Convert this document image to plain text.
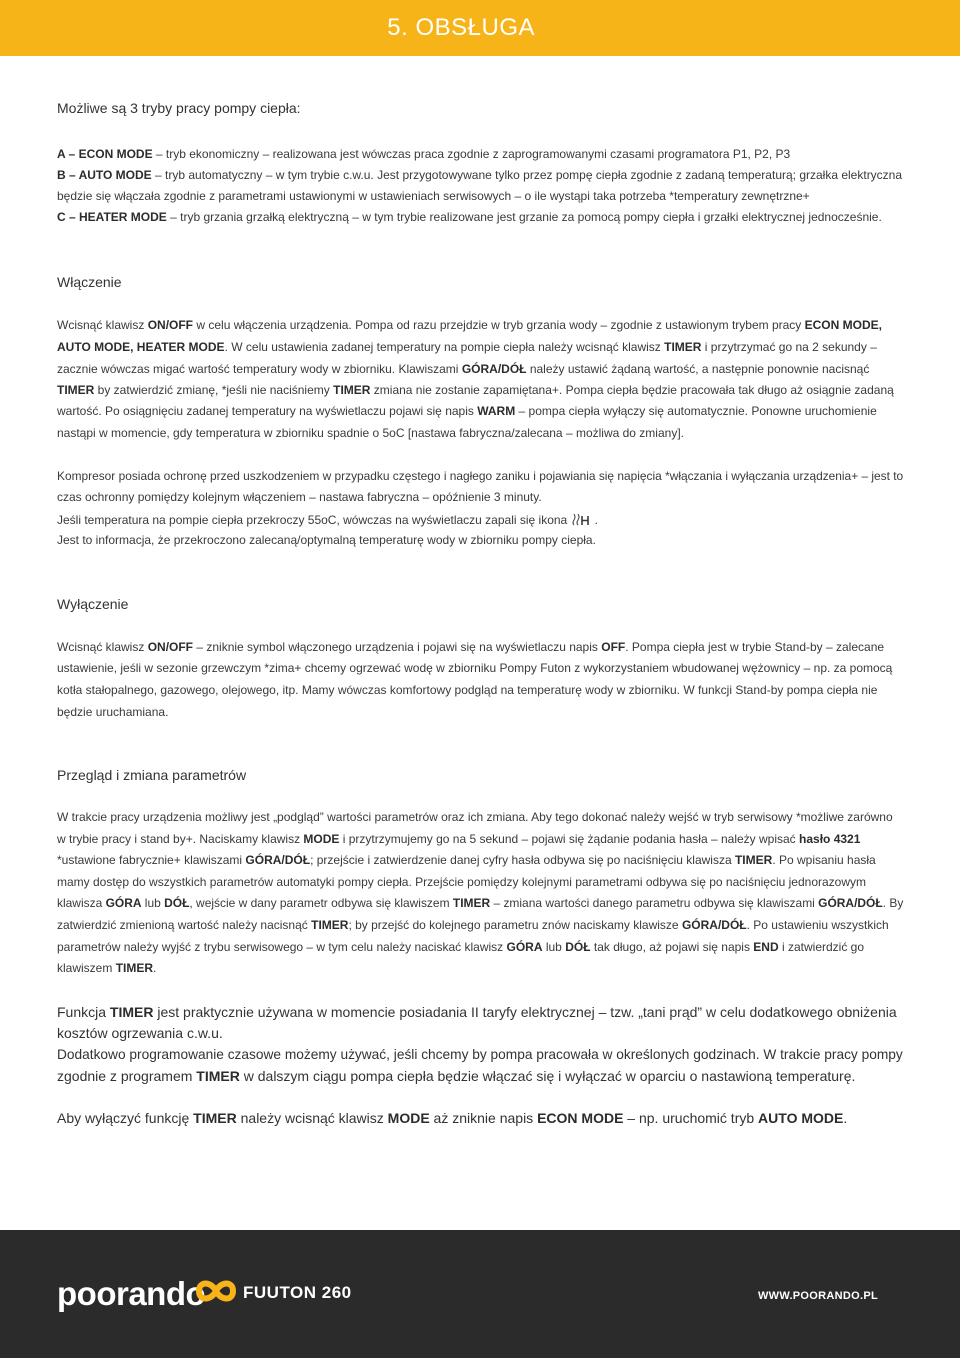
5. OBSŁUGA
Możliwe są 3 tryby pracy pompy ciepła:
A – ECON MODE – tryb ekonomiczny – realizowana jest wówczas praca zgodnie z zaprogramowanymi czasami programatora P1, P2, P3
B – AUTO MODE – tryb automatyczny – w tym trybie c.w.u. Jest przygotowywane tylko przez pompę ciepła zgodnie z zadaną temperaturą; grzałka elektryczna
będzie się włączała zgodnie z parametrami ustawionymi w ustawieniach serwisowych – o ile wystąpi taka potrzeba *temperatury zewnętrzne+
C – HEATER MODE – tryb grzania grzałką elektryczną – w tym trybie realizowane jest grzanie za pomocą pompy ciepła i grzałki elektrycznej jednocześnie.
Włączenie
Wcisnąć klawisz ON/OFF w celu włączenia urządzenia. Pompa od razu przejdzie w tryb grzania wody – zgodnie z ustawionym trybem pracy ECON MODE,
AUTO MODE, HEATER MODE. W celu ustawienia zadanej temperatury na pompie ciepła należy wcisnąć klawisz TIMER i przytrzymać go na 2 sekundy –
zacznie wówczas migać wartość temperatury wody w zbiorniku. Klawiszami GÓRA/DÓŁ należy ustawić żądaną wartość, a następnie ponownie nacisnąć
TIMER by zatwierdzić zmianę, *jeśli nie naciśniemy TIMER zmiana nie zostanie zapamiętana+. Pompa ciepła będzie pracowała tak długo aż osiągnie zadaną
wartość. Po osiągnięciu zadanej temperatury na wyświetlaczu pojawi się napis WARM – pompa ciepła wyłączy się automatycznie. Ponowne uruchomienie
nastąpi w momencie, gdy temperatura w zbiorniku spadnie o 5oC [nastawa fabryczna/zalecana – możliwa do zmiany].
Kompresor posiada ochronę przed uszkodzeniem w przypadku częstego i nagłego zaniku i pojawiania się napięcia *włączania i wyłączania urządzenia+ – jest to
czas ochronny pomiędzy kolejnym włączeniem – nastawa fabryczna – opóźnienie 3 minuty.
Jeśli temperatura na pompie ciepła przekroczy 55oC, wówczas na wyświetlaczu zapali się ikona .
Jest to informacja, że przekroczono zalecaną/optymalną temperaturę wody w zbiorniku pompy ciepła.
Wyłączenie
Wcisnąć klawisz ON/OFF – zniknie symbol włączonego urządzenia i pojawi się na wyświetlaczu napis OFF. Pompa ciepła jest w trybie Stand-by – zalecane
ustawienie, jeśli w sezonie grzewczym *zima+ chcemy ogrzewać wodę w zbiorniku Pompy Futon z wykorzystaniem wbudowanej wężownicy – np. za pomocą
kotła stałopalnego, gazowego, olejowego, itp. Mamy wówczas komfortowy podgląd na temperaturę wody w zbiorniku. W funkcji Stand-by pompa ciepła nie
będzie uruchamiana.
Przegląd i zmiana parametrów
W trakcie pracy urządzenia możliwy jest „podgląd” wartości parametrów oraz ich zmiana. Aby tego dokonać należy wejść w tryb serwisowy *możliwe zarówno
w trybie pracy i stand by+. Naciskamy klawisz MODE i przytrzymujemy go na 5 sekund – pojawi się żądanie podania hasła – należy wpisać hasło 4321
*ustawione fabrycznie+ klawiszami GÓRA/DÓŁ; przejście i zatwierdzenie danej cyfry hasła odbywa się po naciśnięciu klawisza TIMER. Po wpisaniu hasła
mamy dostęp do wszystkich parametrów automatyki pompy ciepła. Przejście pomiędzy kolejnymi parametrami odbywa się po naciśnięciu jednorazowym
klawisza GÓRA lub DÓŁ, wejście w dany parametr odbywa się klawiszem TIMER – zmiana wartości danego parametru odbywa się klawiszami GÓRA/DÓŁ. By
zatwierdzić zmienioną wartość należy nacisnąć TIMER; by przejść do kolejnego parametru znów naciskamy klawisze GÓRA/DÓŁ. Po ustawieniu wszystkich
parametrów należy wyjść z trybu serwisowego – w tym celu należy naciskać klawisz GÓRA lub DÓŁ tak długo, aż pojawi się napis END i zatwierdzić go
klawiszem TIMER.
Funkcja TIMER jest praktycznie używana w momencie posiadania II taryfy elektrycznej – tzw. „tani prąd” w celu dodatkowego obniżenia
kosztów ogrzewania c.w.u.
Dodatkowo programowanie czasowe możemy używać, jeśli chcemy by pompa pracowała w określonych godzinach. W trakcie pracy pompy
zgodnie z programem TIMER w dalszym ciągu pompa ciepła będzie włączać się i wyłączać w oparciu o nastawioną temperaturę.
Aby wyłączyć funkcję TIMER należy wcisnąć klawisz MODE aż zniknie napis ECON MODE – np. uruchomić tryb AUTO MODE.
poorando FUUTON 260	WWW.POORANDO.PL
